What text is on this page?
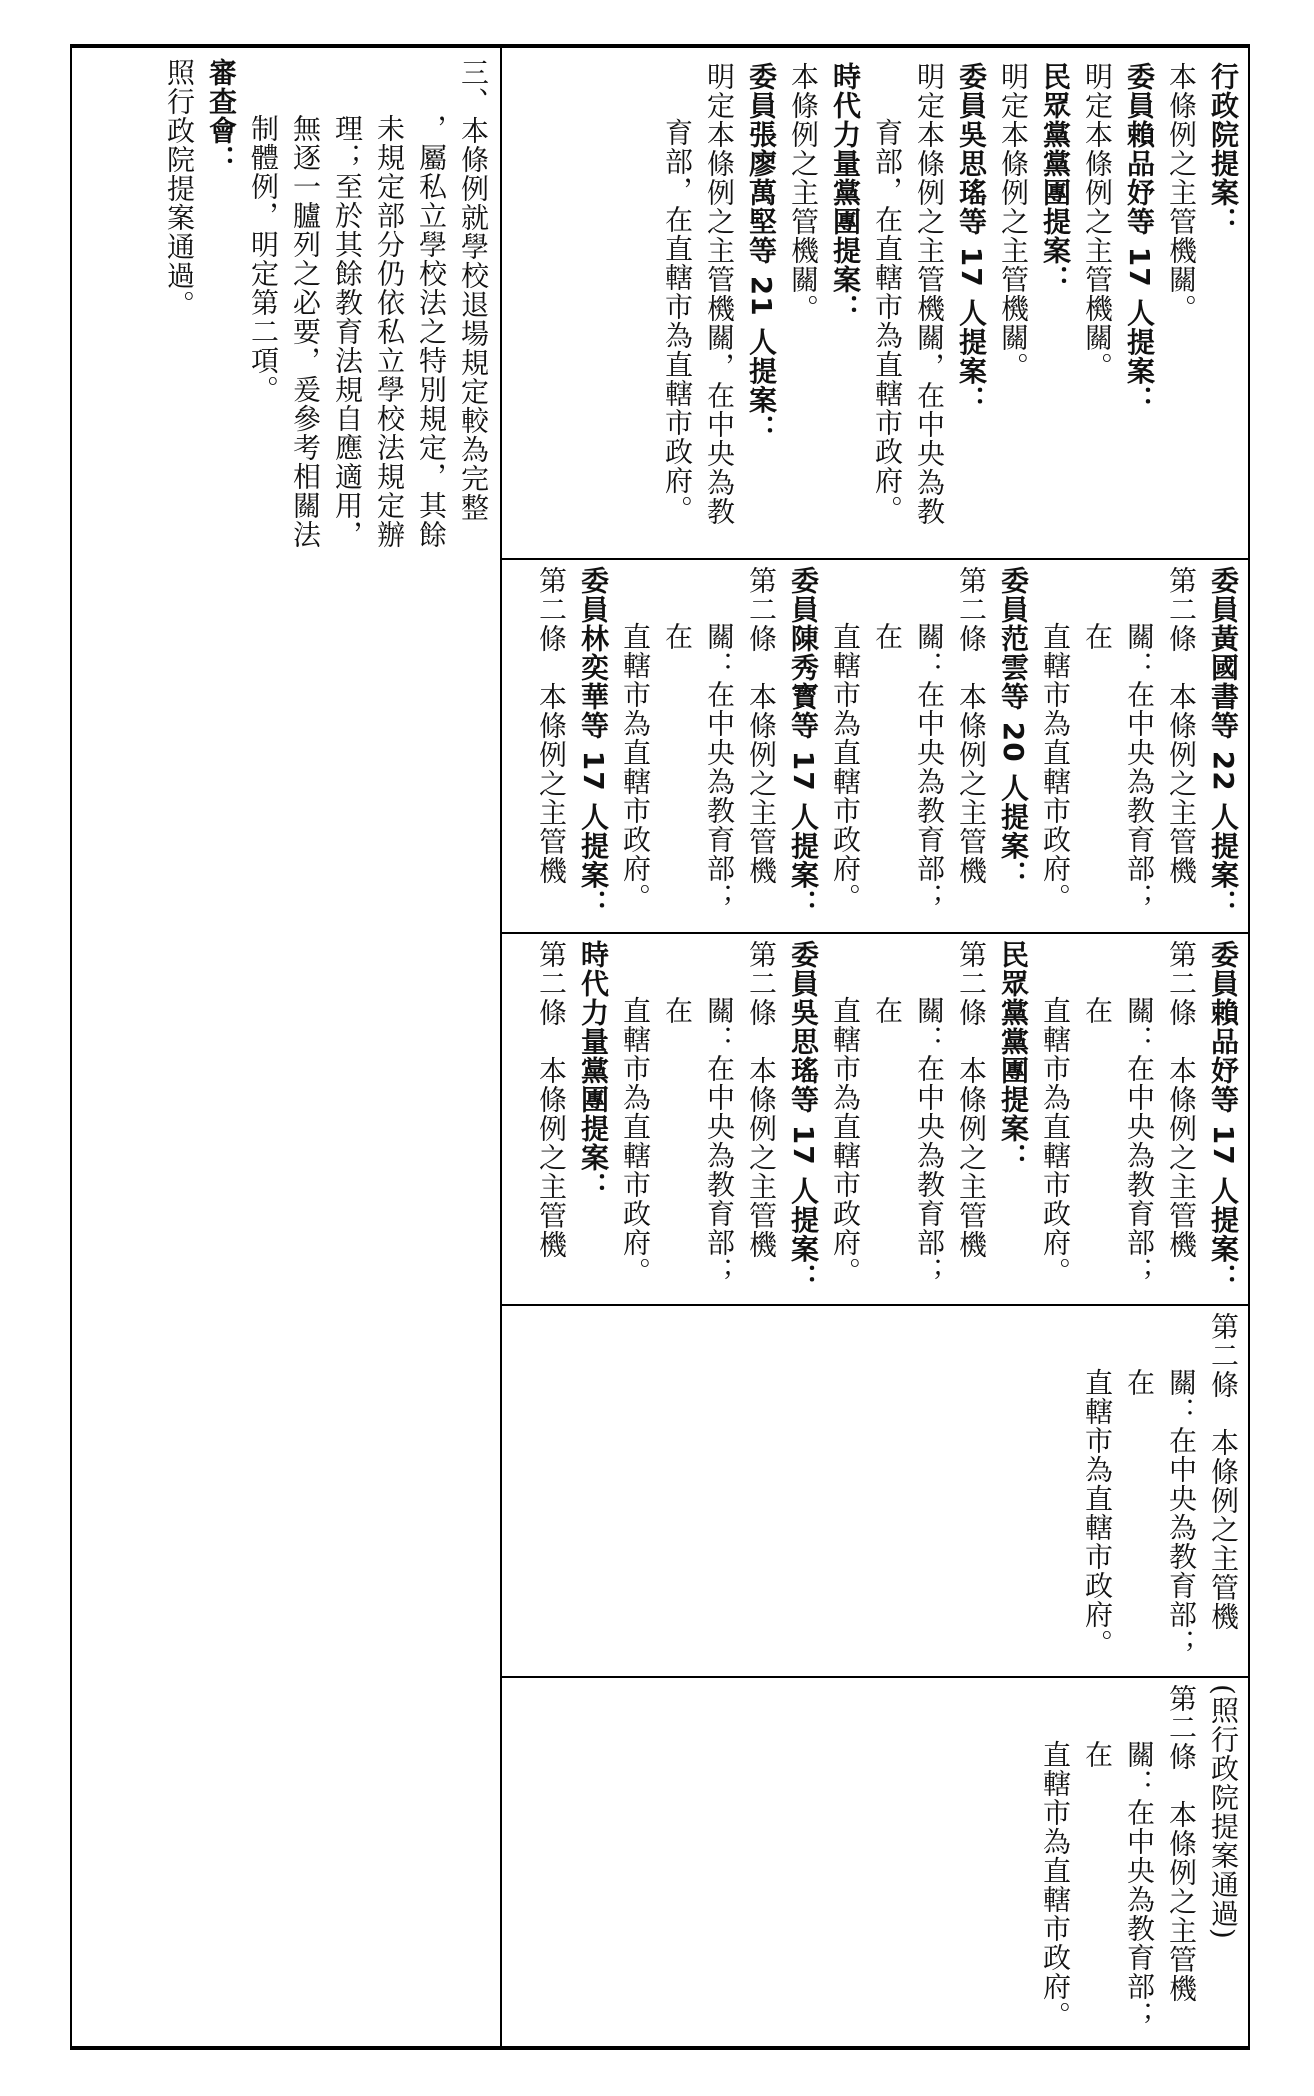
三、本條例就學校退場規定較為完整

，屬私立學校法之特別規定，其餘

未規定部分仍依私立學校法規定辦

理；至於其餘教育法規自應適用，

無逐一臚列之必要，爰參考相關法

制體例，明定第二項。

審查會：

照行政院提案通過。	行政院提案：

本條例之主管機關。

委員賴品妤等 17 人提案：

明定本條例之主管機關。

民眾黨黨團提案：

明定本條例之主管機關。

委員吳思瑤等 17 人提案：

明定本條例之主管機關，在中央為教

育部，在直轄市為直轄市政府。

時代力量黨團提案：

本條例之主管機關。

委員張廖萬堅等 21 人提案：

明定本條例之主管機關，在中央為教

育部，在直轄市為直轄市政府。

委員黃國書等 22 人提案：

第二條　本條例之主管機

關：在中央為教育部；在

直轄市為直轄市政府。

委員范雲等 20 人提案：

第二條　本條例之主管機

關：在中央為教育部；在

直轄市為直轄市政府。

委員陳秀寳等 17 人提案：

第二條　本條例之主管機

關：在中央為教育部；在

直轄市為直轄市政府。

委員林奕華等 17 人提案：

第二條　本條例之主管機

委員賴品妤等 17 人提案：

第二條　本條例之主管機

關：在中央為教育部；在

直轄市為直轄市政府。

民眾黨黨團提案：

第二條　本條例之主管機

關：在中央為教育部；在

直轄市為直轄市政府。

委員吳思瑤等 17 人提案：

第二條　本條例之主管機

關：在中央為教育部；在

直轄市為直轄市政府。

時代力量黨團提案：

第二條　本條例之主管機

第二條　本條例之主管機

關：在中央為教育部；在

直轄市為直轄市政府。

(照行政院提案通過)

第二條　本條例之主管機

關：在中央為教育部；在

直轄市為直轄市政府。
